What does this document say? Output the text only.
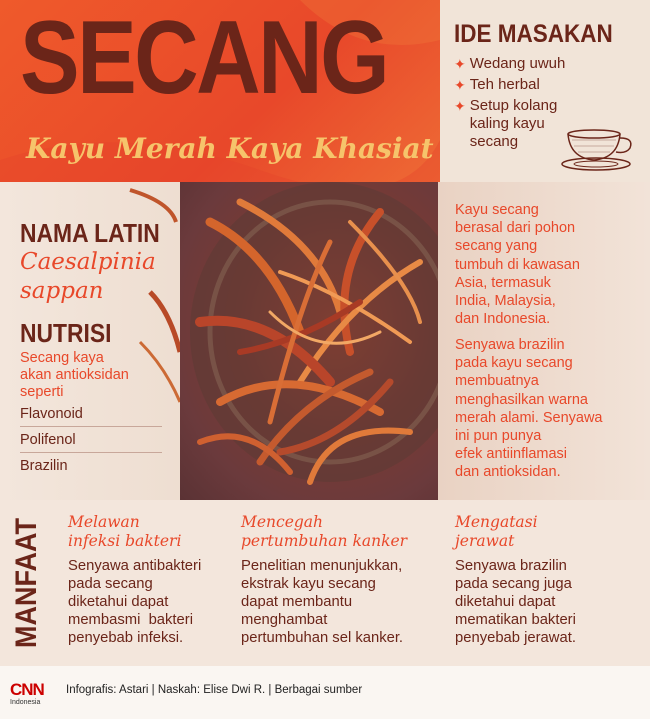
SECANG
Kayu Merah Kaya Khasiat
IDE MASAKAN
✦ Wedang uwuh
✦ Teh herbal
✦ Setup kolang
kaling kayu
secang
NAMA LATIN
Caesalpinia
sappan
NUTRISI
Secang kaya
akan antioksidan
seperti
Flavonoid
Polifenol
Brazilin
Kayu secang
berasal dari pohon
secang yang
tumbuh di kawasan
Asia, termasuk
India, Malaysia,
dan Indonesia.
Senyawa brazilin
pada kayu secang
membuatnya
menghasilkan warna
merah alami. Senyawa
ini pun punya
efek antiinflamasi
dan antioksidan.
MANFAAT Melawan
infeksi bakteri
Senyawa antibakteri
pada secang
diketahui dapat
membasmi  bakteri
penyebab infeksi.
Mencegah
pertumbuhan kanker
Penelitian menunjukkan,
ekstrak kayu secang
dapat membantu
menghambat
pertumbuhan sel kanker.
Mengatasi
jerawat
Senyawa brazilin
pada secang juga
diketahui dapat
mematikan bakteri
penyebab jerawat.
CNN
Indonesia
Infografis: Astari | Naskah: Elise Dwi R. | Berbagai sumber
